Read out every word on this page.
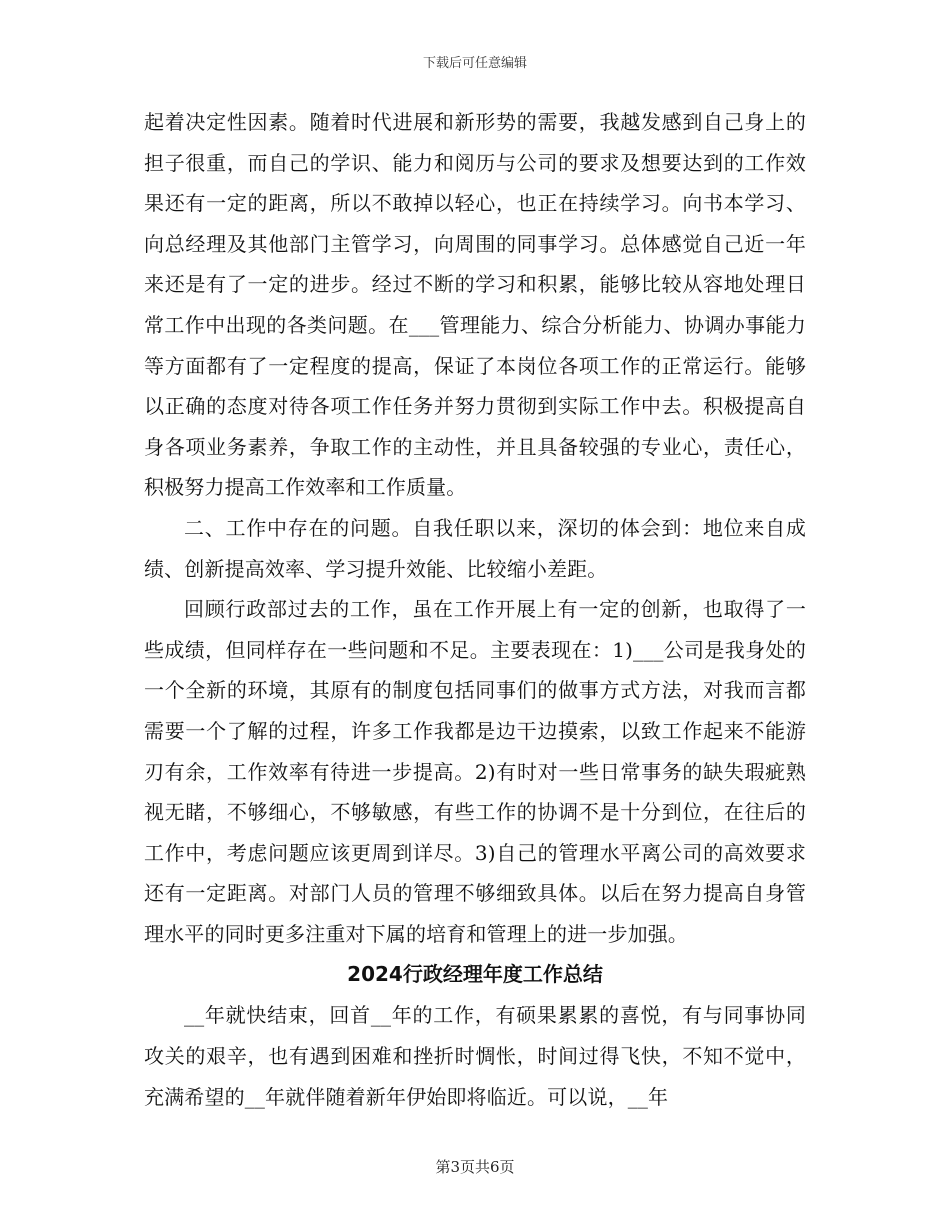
下载后可任意编辑

起着决定性因素。随着时代进展和新形势的需要，我越发感到自己身上的担子很重，而自己的学识、能力和阅历与公司的要求及想要达到的工作效果还有一定的距离，所以不敢掉以轻心，也正在持续学习。向书本学习、向总经理及其他部门主管学习，向周围的同事学习。总体感觉自己近一年来还是有了一定的进步。经过不断的学习和积累，能够比较从容地处理日常工作中出现的各类问题。在___管理能力、综合分析能力、协调办事能力等方面都有了一定程度的提高，保证了本岗位各项工作的正常运行。能够以正确的态度对待各项工作任务并努力贯彻到实际工作中去。积极提高自身各项业务素养，争取工作的主动性，并且具备较强的专业心，责任心，积极努力提高工作效率和工作质量。

二、工作中存在的问题。自我任职以来，深切的体会到：地位来自成绩、创新提高效率、学习提升效能、比较缩小差距。

回顾行政部过去的工作，虽在工作开展上有一定的创新，也取得了一些成绩，但同样存在一些问题和不足。主要表现在：1)___公司是我身处的一个全新的环境，其原有的制度包括同事们的做事方式方法，对我而言都需要一个了解的过程，许多工作我都是边干边摸索，以致工作起来不能游刃有余，工作效率有待进一步提高。2)有时对一些日常事务的缺失瑕疵熟视无睹，不够细心，不够敏感，有些工作的协调不是十分到位，在往后的工作中，考虑问题应该更周到详尽。3)自己的管理水平离公司的高效要求还有一定距离。对部门人员的管理不够细致具体。以后在努力提高自身管理水平的同时更多注重对下属的培育和管理上的进一步加强。

2024行政经理年度工作总结

__年就快结束，回首__年的工作，有硕果累累的喜悦，有与同事协同攻关的艰辛，也有遇到困难和挫折时惆怅，时间过得飞快，不知不觉中，充满希望的__年就伴随着新年伊始即将临近。可以说，__年

第3页共6页
